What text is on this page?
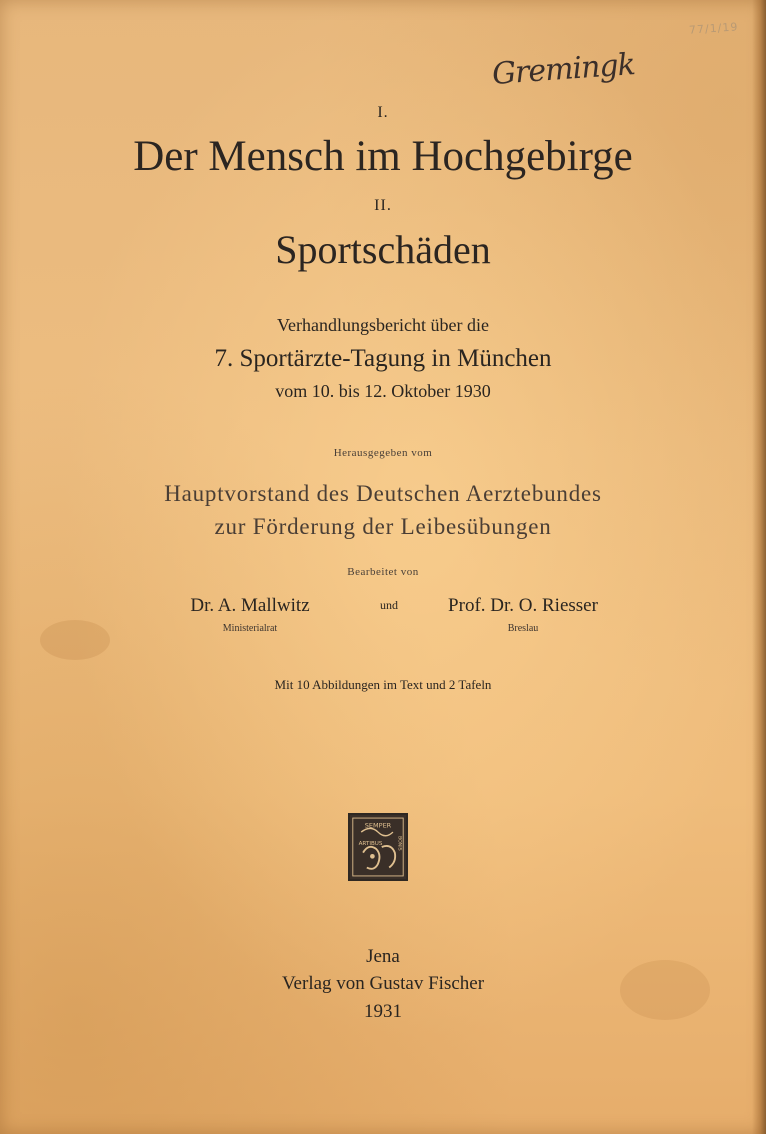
77/1/19
Gremingk
I.
Der Mensch im Hochgebirge
II.
Sportschäden
Verhandlungsbericht über die
7. Sportärzte-Tagung in München
vom 10. bis 12. Oktober 1930
Herausgegeben vom
Hauptvorstand des Deutschen Aerztebundes
zur Förderung der Leibesübungen
Bearbeitet von
Dr. A. Mallwitz
Ministerialrat
und	Prof. Dr. O. Riesser
Breslau
Mit 10 Abbildungen im Text und 2 Tafeln
SEMPER
BONIS
ARTIBUS
Jena
Verlag von Gustav Fischer
1931
